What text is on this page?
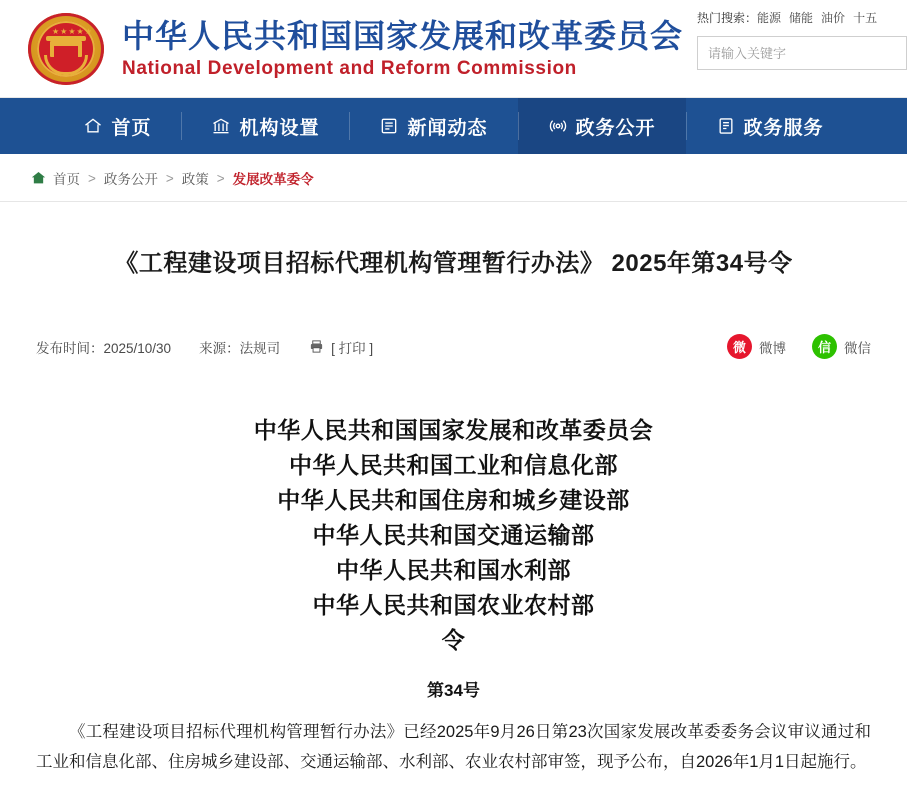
★★★★★ 中华人民共和国国家发展和改革委员会
National Development and Reform Commission
热门搜索：能源 储能 油价 十五
请输入关键字
首页	机构设置	新闻动态	政务公开	政务服务
首页 > 政务公开 > 政策 > 发展改革委令
《工程建设项目招标代理机构管理暂行办法》 2025年第34号令
发布时间：2025/10/30 来源：法规司	[ 打印 ]	微 微博	信 微信
中华人民共和国国家发展和改革委员会
中华人民共和国工业和信息化部
中华人民共和国住房和城乡建设部
中华人民共和国交通运输部
中华人民共和国水利部
中华人民共和国农业农村部
令
第34号

《工程建设项目招标代理机构管理暂行办法》已经2025年9月26日第23次国家发展改革委委务会议审议通过和工业和信息化部、住房城乡建设部、交通运输部、水利部、农业农村部审签，现予公布，自2026年1月1日起施行。
